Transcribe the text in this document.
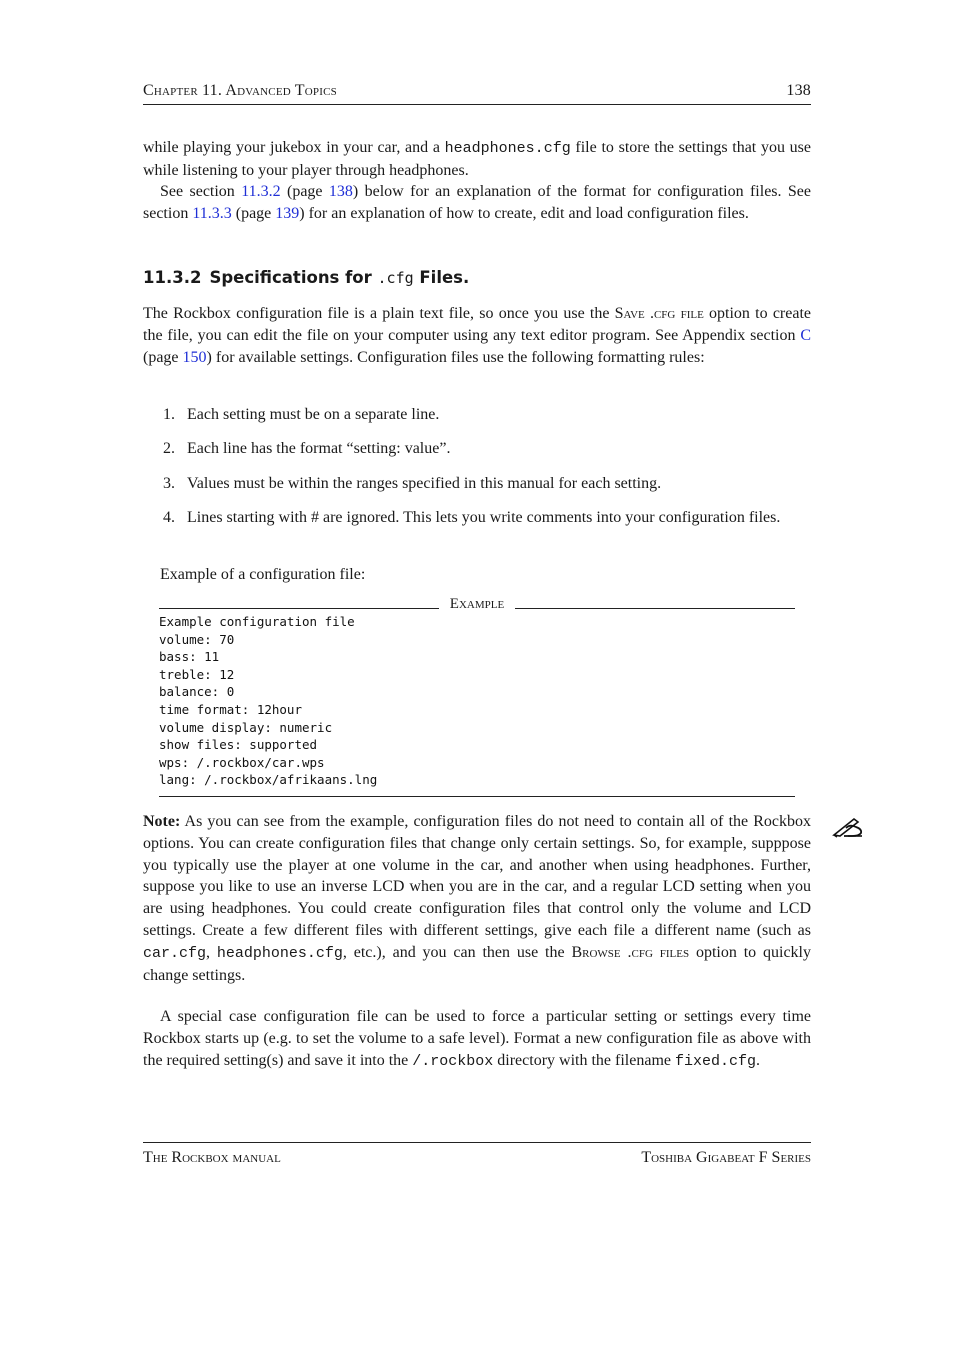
Chapter 11. Advanced Topics	138

while playing your jukebox in your car, and a headphones.cfg file to store the settings that you use while listening to your player through headphones.

See section 11.3.2 (page 138) below for an explanation of the format for configuration files. See section 11.3.3 (page 139) for an explanation of how to create, edit and load configuration files.

11.3.2 Specifications for .cfg Files.

The Rockbox configuration file is a plain text file, so once you use the Save .cfg file option to create the file, you can edit the file on your computer using any text editor program. See Appendix section C (page 150) for available settings. Configuration files use the following formatting rules:

1. Each setting must be on a separate line.
2. Each line has the format “setting: value”.
3. Values must be within the ranges specified in this manual for each setting.
4. Lines starting with # are ignored. This lets you write comments into your configuration files.

Example of a configuration file:

Example
Example configuration file
volume: 70
bass: 11
treble: 12
balance: 0
time format: 12hour
volume display: numeric
show files: supported
wps: /.rockbox/car.wps
lang: /.rockbox/afrikaans.lng

Note: As you can see from the example, configuration files do not need to contain all of the Rockbox options. You can create configuration files that change only certain settings. So, for example, supppose you typically use the player at one volume in the car, and another when using headphones. Further, suppose you like to use an inverse LCD when you are in the car, and a regular LCD setting when you are using headphones. You could create configuration files that control only the volume and LCD settings. Create a few different files with different settings, give each file a different name (such as car.cfg, headphones.cfg, etc.), and you can then use the Browse .cfg files option to quickly change settings.

A special case configuration file can be used to force a particular setting or settings every time Rockbox starts up (e.g. to set the volume to a safe level). Format a new configuration file as above with the required setting(s) and save it into the /.rockbox directory with the filename fixed.cfg.

The Rockbox manual	Toshiba Gigabeat F Series
